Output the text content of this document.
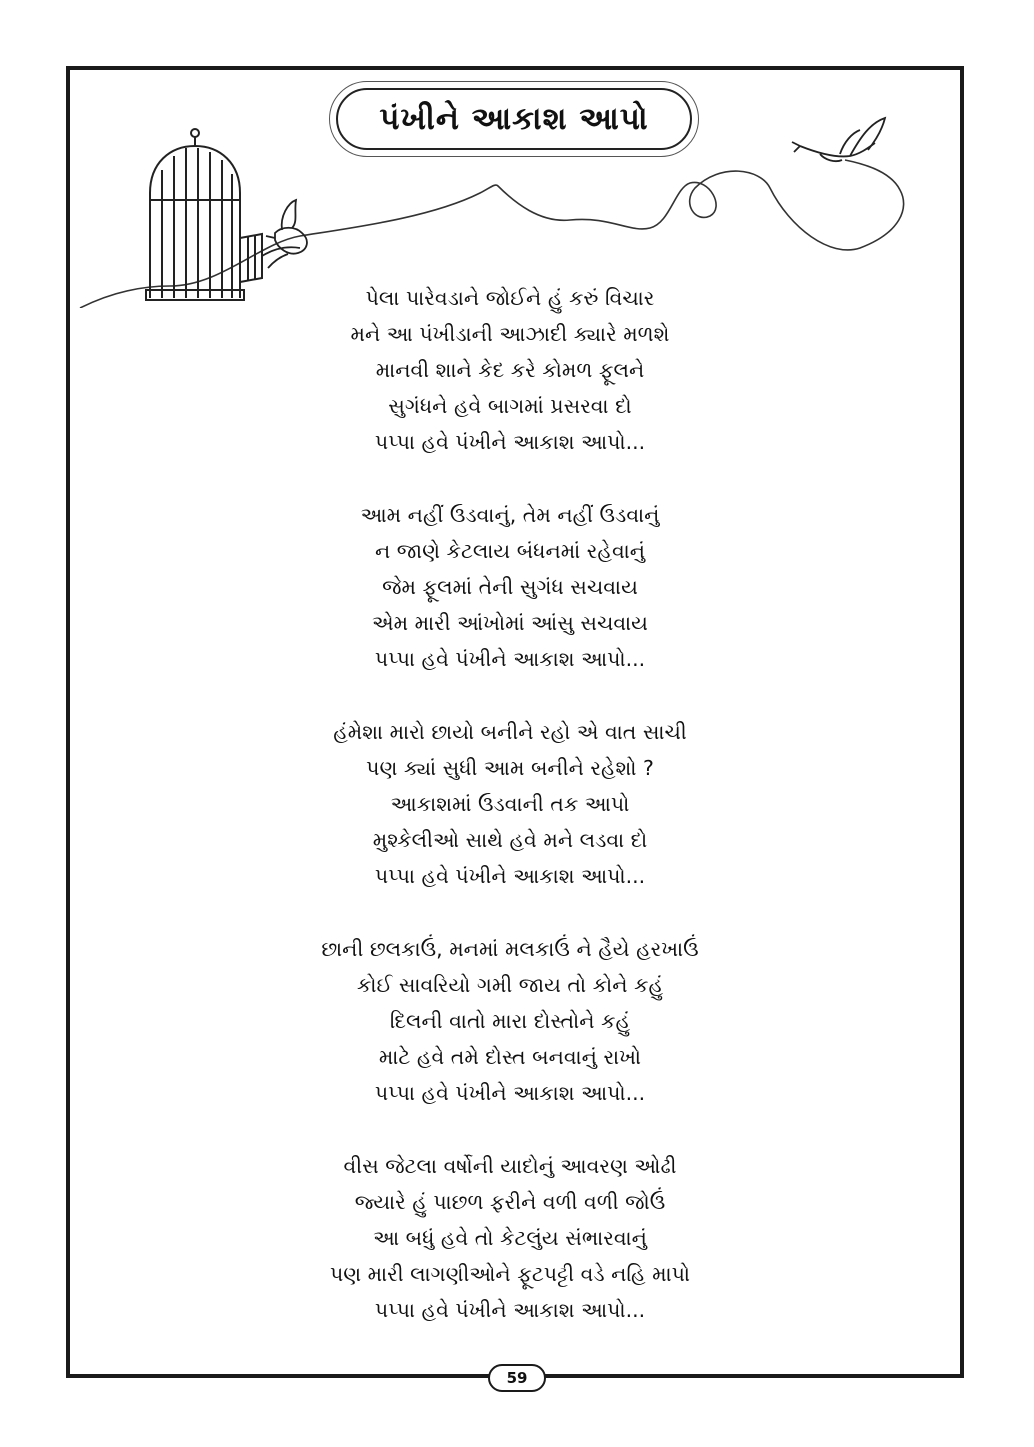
પંખીને આકાશ આપો
પેલા પારેવડાને જોઈને હું કરું વિચાર
મને આ પંખીડાની આઝાદી ક્યારે મળશે
માનવી શાને કેદ કરે કોમળ ફૂલને
સુગંધને હવે બાગમાં પ્રસરવા દો
પપ્પા હવે પંખીને આકાશ આપો...
આમ નહીં ઉડવાનું, તેમ નહીં ઉડવાનું
ન જાણે કેટલાય બંધનમાં રહેવાનું
જેમ ફૂલમાં તેની સુગંધ સચવાય
એમ મારી આંખોમાં આંસુ સચવાય
પપ્પા હવે પંખીને આકાશ આપો...
હંમેશા મારો છાયો બનીને રહો એ વાત સાચી
પણ ક્યાં સુધી આમ બનીને રહેશો ?
આકાશમાં ઉડવાની તક આપો
મુશ્કેલીઓ સાથે હવે મને લડવા દો
પપ્પા હવે પંખીને આકાશ આપો...
છાની છલકાઉં, મનમાં મલકાઉં ને હૈયે હરખાઉં
કોઈ સાવરિયો ગમી જાય તો કોને કહું
દિલની વાતો મારા દોસ્તોને કહું
માટે હવે તમે દોસ્ત બનવાનું રાખો
પપ્પા હવે પંખીને આકાશ આપો...
વીસ જેટલા વર્ષોની યાદોનું આવરણ ઓઢી
જ્યારે હું પાછળ ફરીને વળી વળી જોઉં
આ બધું હવે તો કેટલુંય સંભારવાનું
પણ મારી લાગણીઓને ફૂટપટ્ટી વડે નહિ માપો
પપ્પા હવે પંખીને આકાશ આપો...
59
